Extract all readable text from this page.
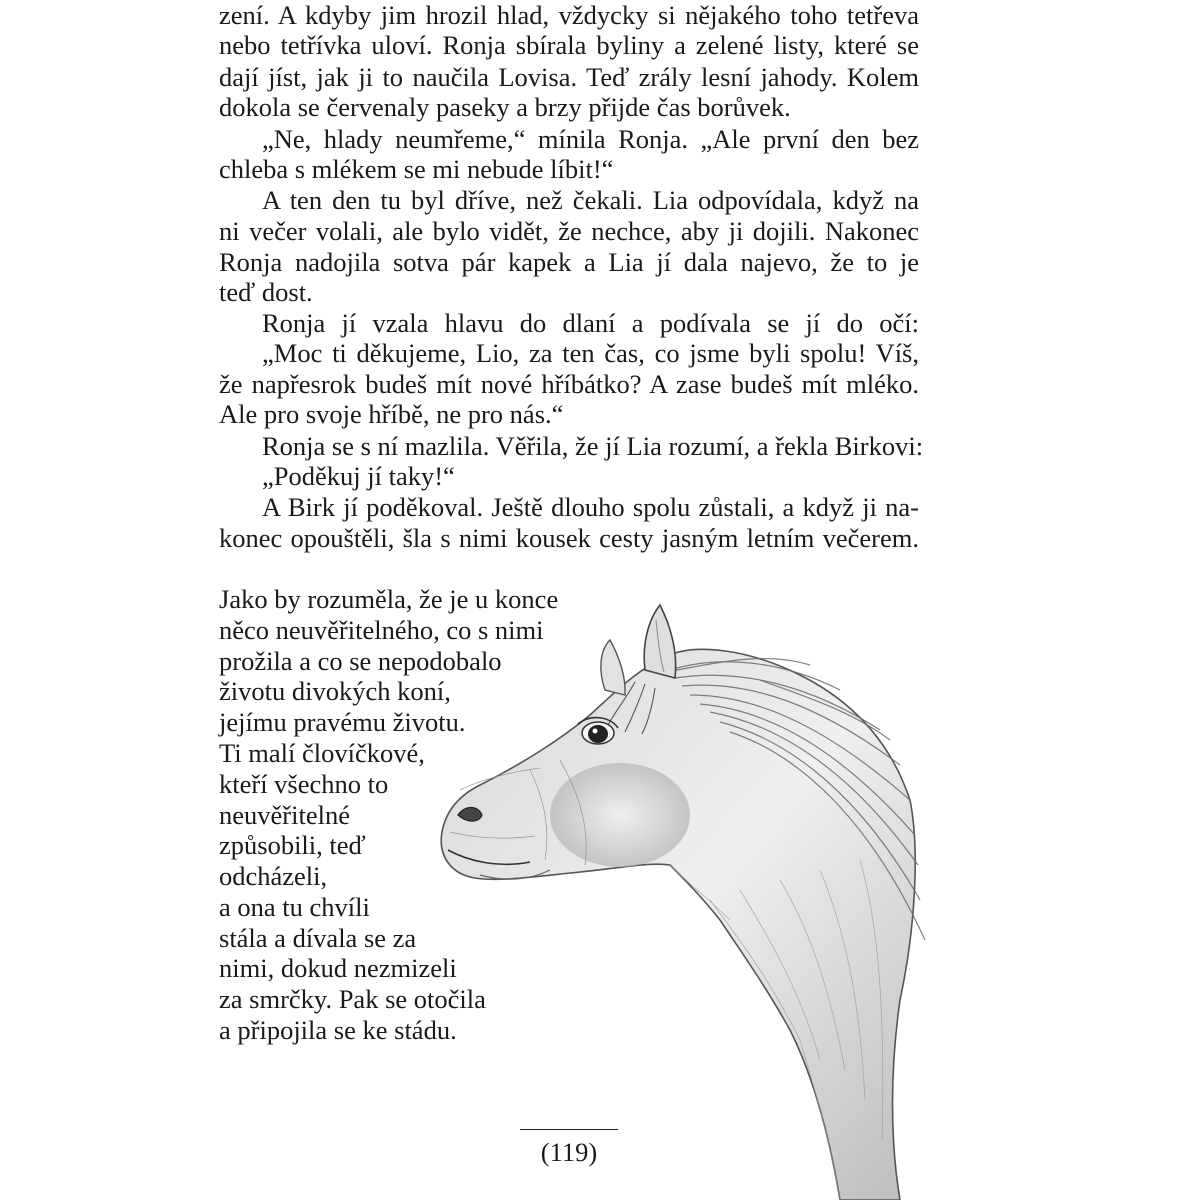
zení. A kdyby jim hrozil hlad, vždycky si nějakého toho tetřeva
nebo tetřívka uloví. Ronja sbírala byliny a zelené listy, které se
dají jíst, jak ji to naučila Lovisa. Teď zrály lesní jahody. Kolem
dokola se červenaly paseky a brzy přijde čas borůvek.
„Ne, hlady neumřeme,“ mínila Ronja. „Ale první den bez
chleba s mlékem se mi nebude líbit!“
A ten den tu byl dříve, než čekali. Lia odpovídala, když na
ni večer volali, ale bylo vidět, že nechce, aby ji dojili. Nakonec
Ronja nadojila sotva pár kapek a Lia jí dala najevo, že to je
teď dost.
Ronja jí vzala hlavu do dlaní a podívala se jí do očí:
„Moc ti děkujeme, Lio, za ten čas, co jsme byli spolu! Víš,
že napřesrok budeš mít nové hříbátko? A zase budeš mít mléko.
Ale pro svoje hříbě, ne pro nás.“
Ronja se s ní mazlila. Věřila, že jí Lia rozumí, a řekla Birkovi:
„Poděkuj jí taky!“
A Birk jí poděkoval. Ještě dlouho spolu zůstali, a když ji na-
konec opouštěli, šla s nimi kousek cesty jasným letním večerem.
Jako by rozuměla, že je u konce
něco neuvěřitelného, co s nimi
prožila a co se nepodobalo
životu divokých koní,
jejímu pravému životu.
Ti malí človíčkové,
kteří všechno to
neuvěřitelné
způsobili, teď
odcházeli,
a ona tu chvíli
stála a dívala se za
nimi, dokud nezmizeli
za smrčky. Pak se otočila
a připojila se ke stádu.
(119)
